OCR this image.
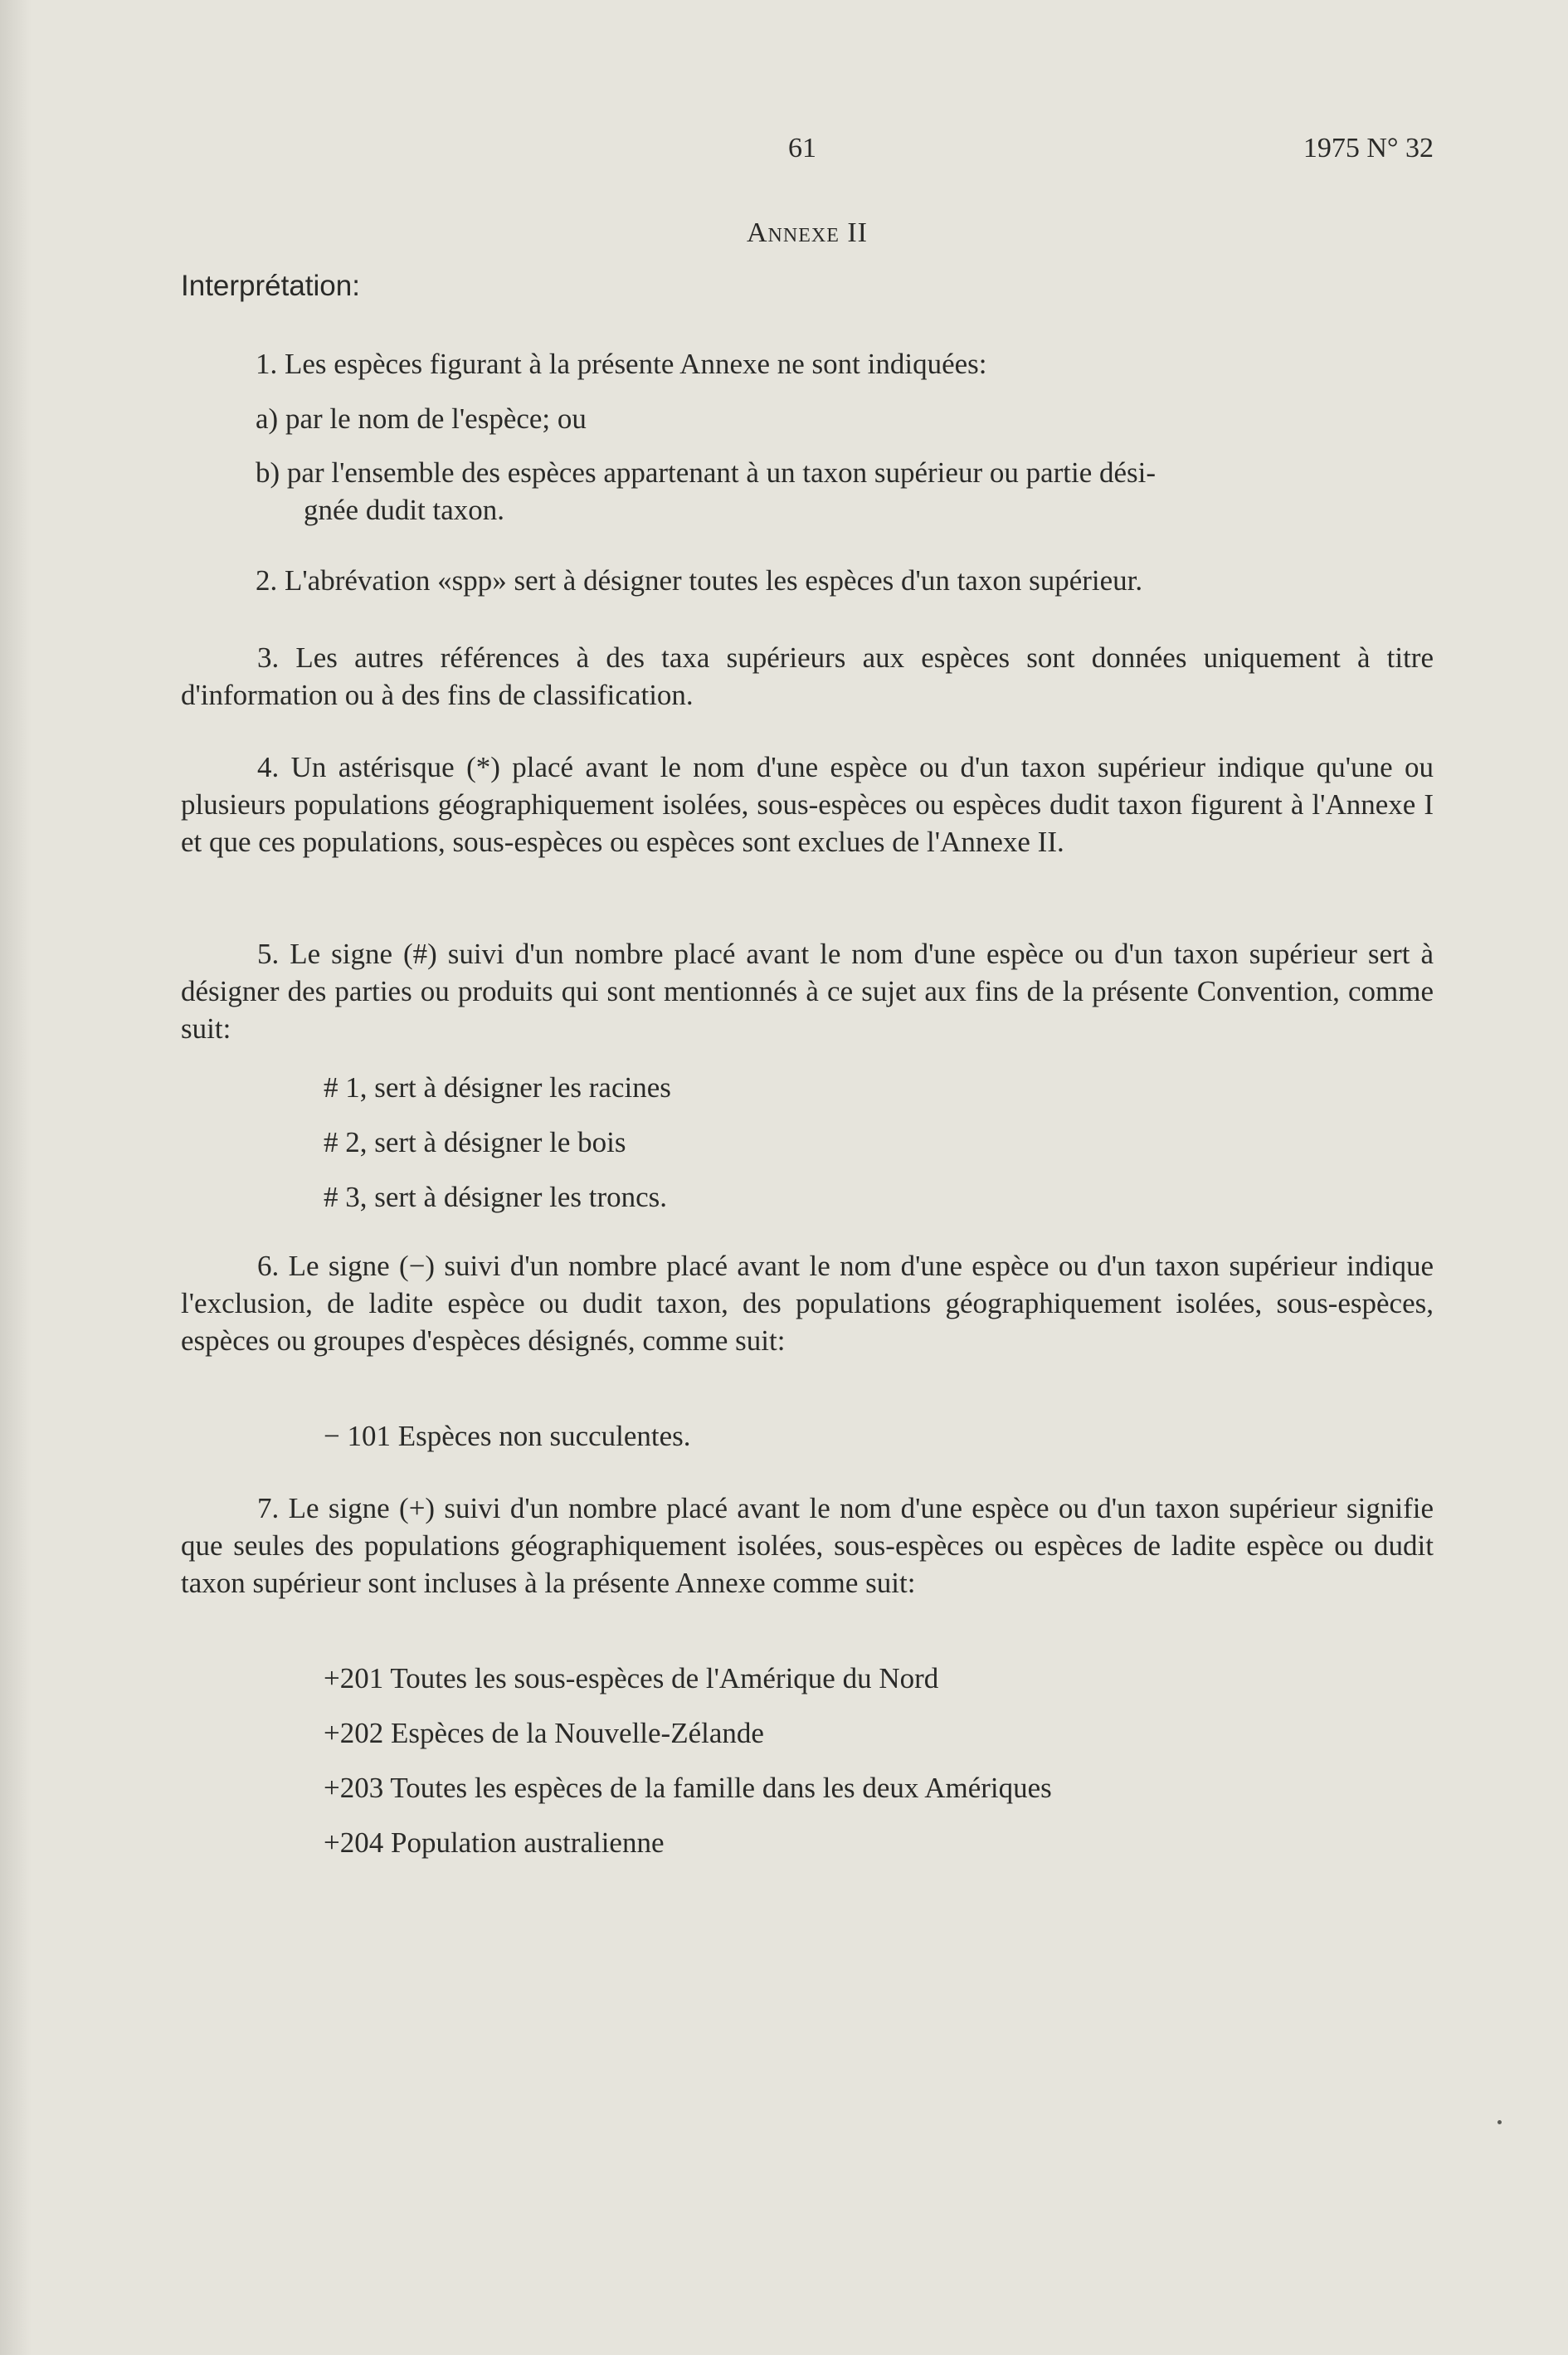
61	1975 N° 32
Annexe II
Interprétation:
1. Les espèces figurant à la présente Annexe ne sont indiquées:
a) par le nom de l'espèce; ou
b) par l'ensemble des espèces appartenant à un taxon supérieur ou partie dési-
gnée dudit taxon.
2. L'abrévation «spp» sert à désigner toutes les espèces d'un taxon supérieur.
3. Les autres références à des taxa supérieurs aux espèces sont données uniquement à titre d'information ou à des fins de classification.
4. Un astérisque (*) placé avant le nom d'une espèce ou d'un taxon supérieur indique qu'une ou plusieurs populations géographiquement isolées, sous-espèces ou espèces dudit taxon figurent à l'Annexe I et que ces populations, sous-espèces ou espèces sont exclues de l'Annexe II.
5. Le signe (#) suivi d'un nombre placé avant le nom d'une espèce ou d'un taxon supérieur sert à désigner des parties ou produits qui sont mentionnés à ce sujet aux fins de la présente Convention, comme suit:
# 1, sert à désigner les racines
# 2, sert à désigner le bois
# 3, sert à désigner les troncs.
6. Le signe (−) suivi d'un nombre placé avant le nom d'une espèce ou d'un taxon supérieur indique l'exclusion, de ladite espèce ou dudit taxon, des populations géographiquement isolées, sous-espèces, espèces ou groupes d'espèces désignés, comme suit:
− 101 Espèces non succulentes.
7. Le signe (+) suivi d'un nombre placé avant le nom d'une espèce ou d'un taxon supérieur signifie que seules des populations géographiquement isolées, sous-espèces ou espèces de ladite espèce ou dudit taxon supérieur sont incluses à la présente Annexe comme suit:
+201 Toutes les sous-espèces de l'Amérique du Nord
+202 Espèces de la Nouvelle-Zélande
+203 Toutes les espèces de la famille dans les deux Amériques
+204 Population australienne
